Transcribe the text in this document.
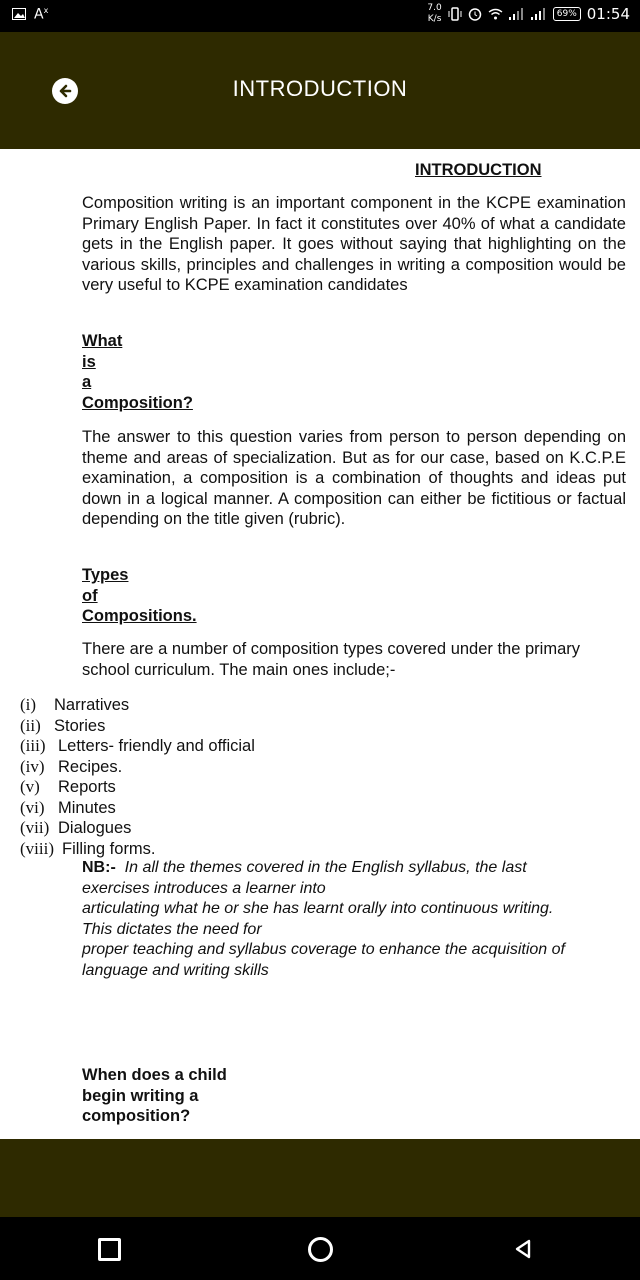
$A^x$	7.0
K/s	69% 01:54
INTRODUCTION
INTRODUCTION

Composition writing is an important component in the KCPE examination Primary English Paper. In fact it constitutes over 40% of what a candidate gets in the English paper. It goes without saying that highlighting on the various skills, principles and challenges in writing a composition would be very useful to KCPE examination candidates

What
is
a
Composition?

The answer to this question varies from person to person depending on theme and areas of specialization. But as for our case, based on K.C.P.E examination, a composition is a combination of thoughts and ideas put down in a logical manner. A composition can either be fictitious or factual depending on the title given (rubric).

Types
of
Compositions.

There are a number of composition types covered under the primary
school curriculum. The main ones include;-

(i)	Narratives
(ii) Stories
(iii) Letters- friendly and official
(iv) Recipes.
(v)	Reports
(vi) Minutes
(vii) Dialogues
(viii) Filling forms.
NB:- In all the themes covered in the English syllabus, the last
exercises introduces a learner into
articulating what he or she has learnt orally into continuous writing.
This dictates the need for
proper teaching and syllabus coverage to enhance the acquisition of
language and writing skills
When does a child
begin writing a
composition?
